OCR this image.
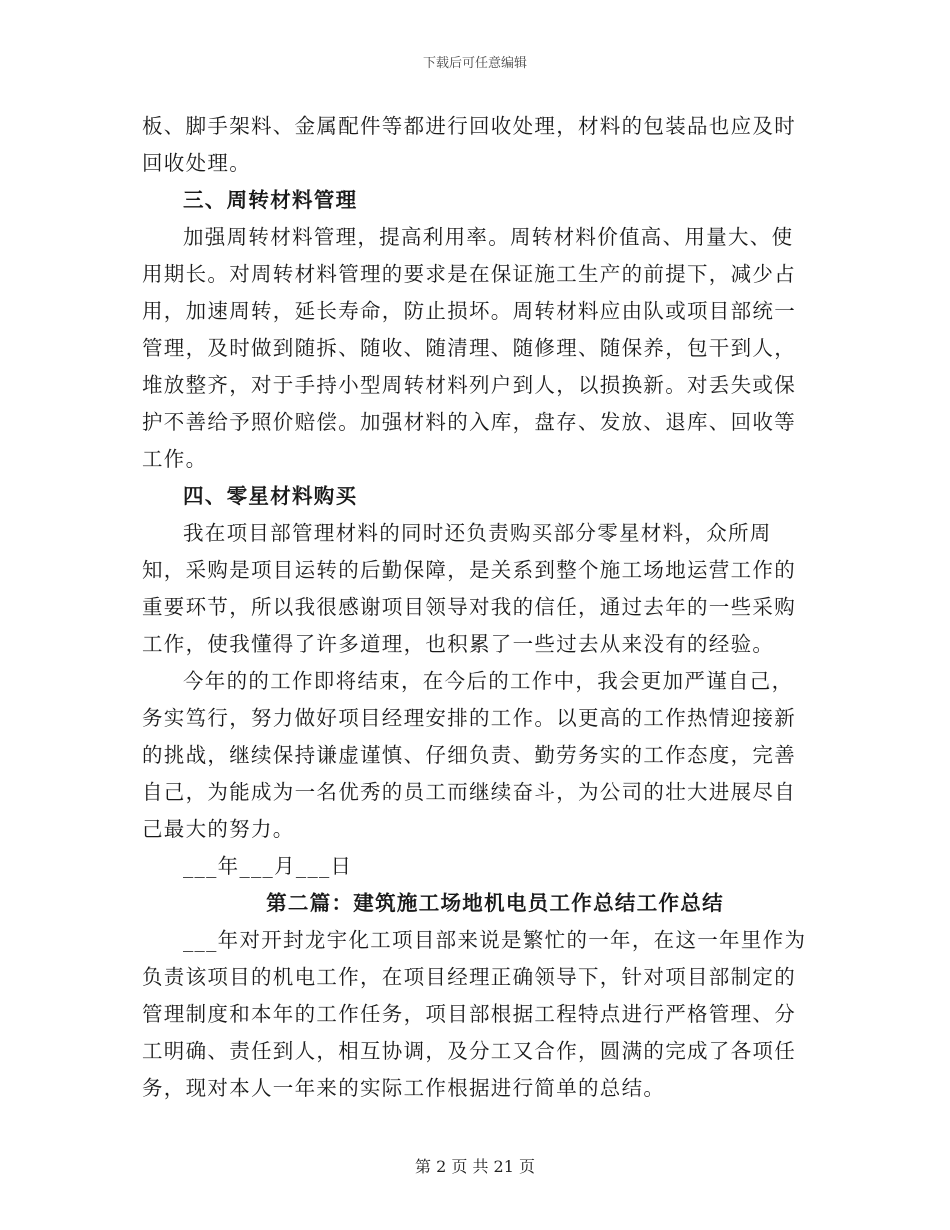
下载后可任意编辑

板、脚手架料、金属配件等都进行回收处理，材料的包装品也应及时回收处理。

三、周转材料管理

加强周转材料管理，提高利用率。周转材料价值高、用量大、使用期长。对周转材料管理的要求是在保证施工生产的前提下，减少占用，加速周转，延长寿命，防止损坏。周转材料应由队或项目部统一管理，及时做到随拆、随收、随清理、随修理、随保养，包干到人，堆放整齐，对于手持小型周转材料列户到人，以损换新。对丢失或保护不善给予照价赔偿。加强材料的入库，盘存、发放、退库、回收等工作。

四、零星材料购买

我在项目部管理材料的同时还负责购买部分零星材料，众所周知，采购是项目运转的后勤保障，是关系到整个施工场地运营工作的重要环节，所以我很感谢项目领导对我的信任，通过去年的一些采购工作，使我懂得了许多道理，也积累了一些过去从来没有的经验。

今年的的工作即将结束，在今后的工作中，我会更加严谨自己，务实笃行，努力做好项目经理安排的工作。以更高的工作热情迎接新的挑战，继续保持谦虚谨慎、仔细负责、勤劳务实的工作态度，完善自己，为能成为一名优秀的员工而继续奋斗，为公司的壮大进展尽自己最大的努力。

___年___月___日

第二篇：建筑施工场地机电员工作总结工作总结

___年对开封龙宇化工项目部来说是繁忙的一年，在这一年里作为负责该项目的机电工作，在项目经理正确领导下，针对项目部制定的管理制度和本年的工作任务，项目部根据工程特点进行严格管理、分工明确、责任到人，相互协调，及分工又合作，圆满的完成了各项任务，现对本人一年来的实际工作根据进行简单的总结。

第 2 页 共 21 页
